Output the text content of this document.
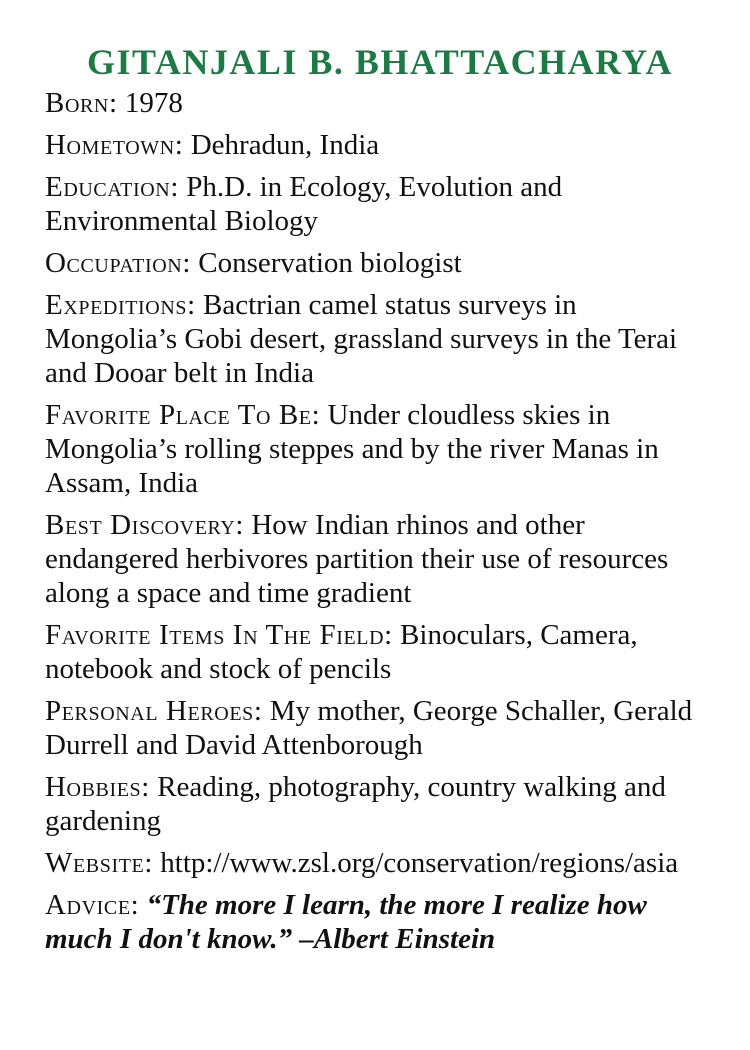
GITANJALI B. BHATTACHARYA
Born: 1978
Hometown: Dehradun, India
Education: Ph.D. in Ecology, Evolution and Environmental Biology
Occupation: Conservation biologist
Expeditions: Bactrian camel status surveys in Mongolia’s Gobi desert, grassland surveys in the Terai and Dooar belt in India
Favorite Place To Be: Under cloudless skies in Mongolia’s rolling steppes and by the river Manas in Assam, India
Best Discovery: How Indian rhinos and other endangered herbivores partition their use of resources along a space and time gradient
Favorite Items In The Field: Binoculars, Camera, notebook and stock of pencils
Personal Heroes: My mother, George Schaller, Gerald Durrell and David Attenborough
Hobbies: Reading, photography, country walking and gardening
Website: http://www.zsl.org/conservation/regions/asia
Advice: “The more I learn, the more I realize how much I don't know.” –Albert Einstein
